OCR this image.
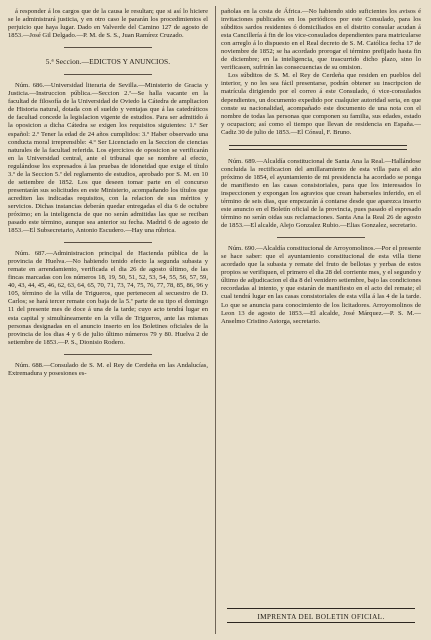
á responder á los cargos que de la causa le resultan; que si así lo hiciere se le administrará justicia, y en otro caso le pararán los procedimientos el perjuicio que haya lugar. Dado en Valverde del Camino 127 de agosto de 1853.—José Gil Delgado.—P. M. de S. S., Juan Ramírez Cruzado.

5.ª Seccion.—EDICTOS Y ANUNCIOS.

Núm. 686.—Universidad literaria de Sevilla.—Ministerio de Gracia y Justicia.—Instruccion pública.—Seccion 2.ª—Se halla vacante en la facultad de filosofía de la Universidad de Oviedo la Cátedra de ampliacion de Historia natural, dotada con el sueldo y ventajas que á las catedráticos de facultad concede la legislacion vigente de estudios. Para ser admitido á la oposicion a dicha Cátedra se exigen los requisitos siguientes: 1.º Ser español: 2.º Tener la edad de 24 años cumplidos: 3.º Haber observado una conducta moral irreprensible: 4.º Ser Licenciado en la Seccion de ciencias naturales de la facultad referida. Los ejercicios de oposicion se verificarán en la Universidad central, ante el tribunal que se nombre al efecto, regulándose los expresados á las pruebas de idoneidad que exige el título 3.º de la Seccion 5.ª del reglamento de estudios, aprobado por S. M. en 10 de setiembre de 1852. Los que deseen tomar parte en el concurso presentarán sus solicitudes en este Ministerio, acompañando los títulos que acrediten las indicadas requisitos, con la relacion de sus méritos y servicios. Dichas instancias deberán quedar entregadas el dia 6 de octubre próximo; en la inteligencia de que no serán admitidas las que se reciban pasado este término, aunque sea anterior su fecha. Madrid 6 de agosto de 1853.—El Subsecretario, Antonio Escudero.—Hay una rúbrica.

Núm. 687.—Administracion principal de Hacienda pública de la provincia de Huelva.—No habiendo tenido efecto la segunda subasta y remate en arrendamiento, verificada el dia 26 de agosto último, de las fincas marcadas con los números 18, 19, 50, 51, 52, 53, 54, 55, 56, 57, 59, 40, 43, 44, 45, 46, 62, 63, 64, 65, 70, 71, 73, 74, 75, 76, 77, 78, 85, 86, 96 y 105, término de la villa de Trigueros, que pertenecen al secuestro de D. Carlos; se hará tercer remate con baja de la 5.ª parte de su tipo el domingo 11 del presente mes de doce á una de la tarde; cuyo acto tendrá lugar en esta capital y simultáneamente en la villa de Trigueros, ante las mismas personas designadas en el anuncio inserto en los Boletines oficiales de la provincia de los dias 4 y 6 de julio último números 79 y 80. Huelva 2 de setiembre de 1853.—P. S., Dionisio Rodero.

Núm. 688.—Consulado de S. M. el Rey de Cerdeña en las Andalucías, Extremadura y posesiones es-

pañolas en la costa de África.—No habiendo sido suficientes los avisos é invitaciones publicados en los periódicos por este Consulado, para los súbditos sardos residentes ó domiciliados en el distrito consular acudan á esta Cancillería á fin de los vice-consulados dependientes para matricularse con arreglo á lo dispuesto en el Real decreto de S. M. Católica fecha 17 de noviembre de 1852; se ha acordado prorogar el término prefijado hasta fin de diciembre; en la inteligencia, que trascurrido dicho plazo, sino lo verificasen, sufrirán las consecuencias de su omision.

Los súbditos de S. M. el Rey de Cerdeña que residen en pueblos del interior, y no les sea fácil presentarse, podrán obtener su inscripcion de matrícula dirigiendo por el correo á este Consulado, ó vice-consulados dependientes, un documento expedido por cualquier autoridad seria, en que conste su nacionalidad, acompañado este documento de una nota con el nombre de todas las personas que componen su familia, sus edades, estado y ocupacion; así como el tiempo que llevan de residencia en España.—Cadiz 30 de julio de 1853.—El Cónsul, F. Bruno.

Núm. 689.—Alcaldía constitucional de Santa Ana la Real.—Hallándose concluida la rectificacion del amillaramiento de esta villa para el año próximo de 1854, el ayuntamiento de mi presidencia ha acordado se ponga de manifiesto en las casas consistoriales, para que los interesados lo inspeccionen y expongan los agravios que crean haberseles inferido, en el término de seis dias, que empezarán á contarse desde que aparezca inserto este anuncio en el Boletín oficial de la provincia, pues pasado el espresado término no serán oidas sus reclamaciones. Santa Ana la Real 26 de agosto de 1853.—El alcalde, Alejo Gonzalez Rubio.—Elias Gonzalez, secretario.

Núm. 690.—Alcaldía constitucional de Arroyomolinos.—Por el presente se hace saber: que el ayuntamiento constitucional de esta villa tiene acordado que la subasta y remate del fruto de bellotas y yerbas de estos propios se verifiquen, el primero el dia 28 del corriente mes, y el segundo y último de adjudicacion el dia 8 del venidero setiembre, bajo las condiciones recordadas al intento, y que estarán de manifiesto en el acto del remate; el cual tendrá lugar en las casas consistoriales de esta villa á las 4 de la tarde. Lo que se anuncia para conocimiento de los licitadores. Arroyomolinos de Leon 13 de agosto de 1853.—El alcalde, José Márquez.—P. S. M.—Anselmo Cristino Astorga, secretario.

IMPRENTA DEL BOLETIN OFICIAL.
